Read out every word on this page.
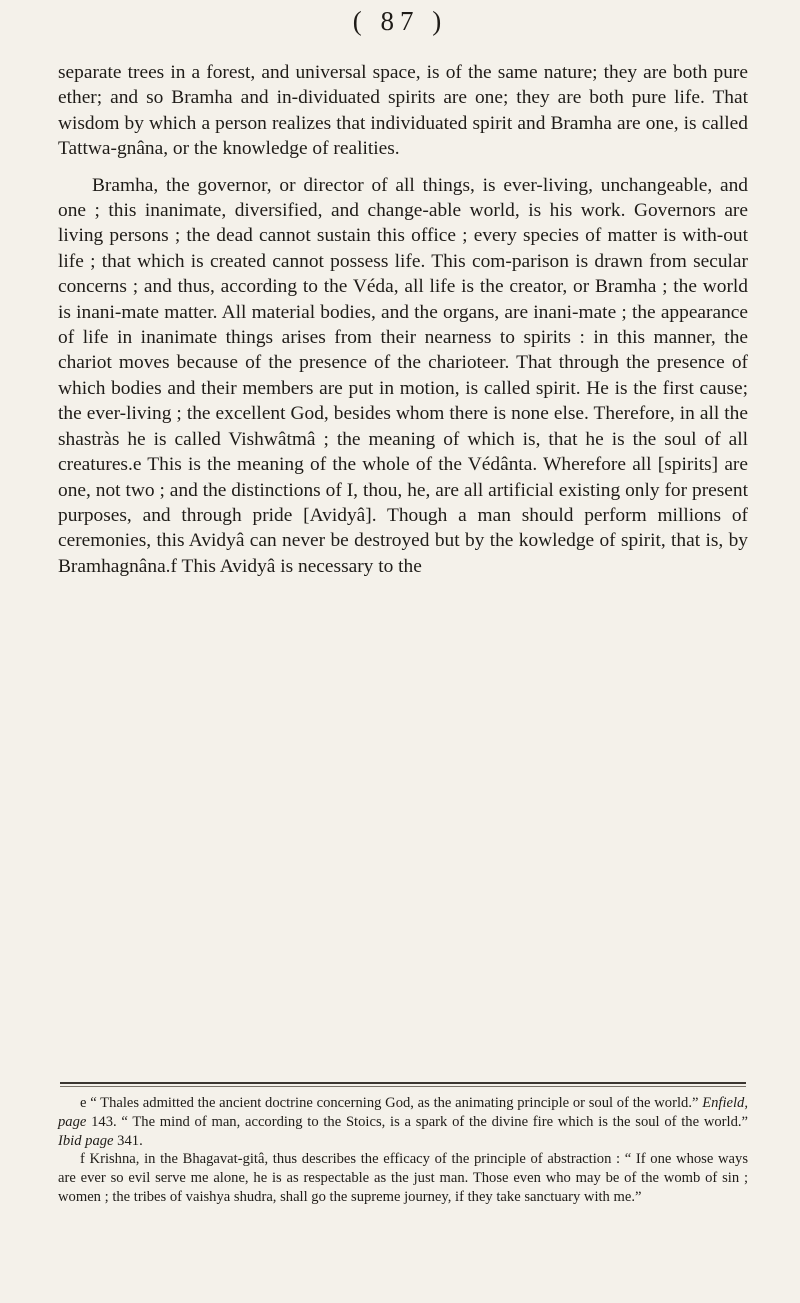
( 87 )

separate trees in a forest, and universal space, is of the same nature; they are both pure ether; and so Bramha and in-dividuated spirits are one; they are both pure life. That wisdom by which a person realizes that individuated spirit and Bramha are one, is called Tattwa-gnâna, or the knowledge of realities.

Bramha, the governor, or director of all things, is ever-living, unchangeable, and one ; this inanimate, diversified, and change-able world, is his work. Governors are living persons ; the dead cannot sustain this office ; every species of matter is with-out life ; that which is created cannot possess life. This com-parison is drawn from secular concerns ; and thus, according to the Véda, all life is the creator, or Bramha ; the world is inani-mate matter. All material bodies, and the organs, are inani-mate ; the appearance of life in inanimate things arises from their nearness to spirits : in this manner, the chariot moves because of the presence of the charioteer. That through the presence of which bodies and their members are put in motion, is called spirit. He is the first cause; the ever-living ; the excellent God, besides whom there is none else. Therefore, in all the shastràs he is called Vishwâtmâ ; the meaning of which is, that he is the soul of all creatures.e This is the meaning of the whole of the Védânta. Wherefore all [spirits] are one, not two ; and the distinctions of I, thou, he, are all artificial existing only for present purposes, and through pride [Avidyâ]. Though a man should perform millions of ceremonies, this Avidyâ can never be destroyed but by the kowledge of spirit, that is, by Bramhagnâna.f This Avidyâ is necessary to the

e “ Thales admitted the ancient doctrine concerning God, as the animating principle or soul of the world.” Enfield, page 143. “ The mind of man, according to the Stoics, is a spark of the divine fire which is the soul of the world.” Ibid page 341.

f Krishna, in the Bhagavat-gitâ, thus describes the efficacy of the principle of abstraction : “ If one whose ways are ever so evil serve me alone, he is as respectable as the just man. Those even who may be of the womb of sin ; women ; the tribes of vaishya shudra, shall go the supreme journey, if they take sanctuary with me.”
